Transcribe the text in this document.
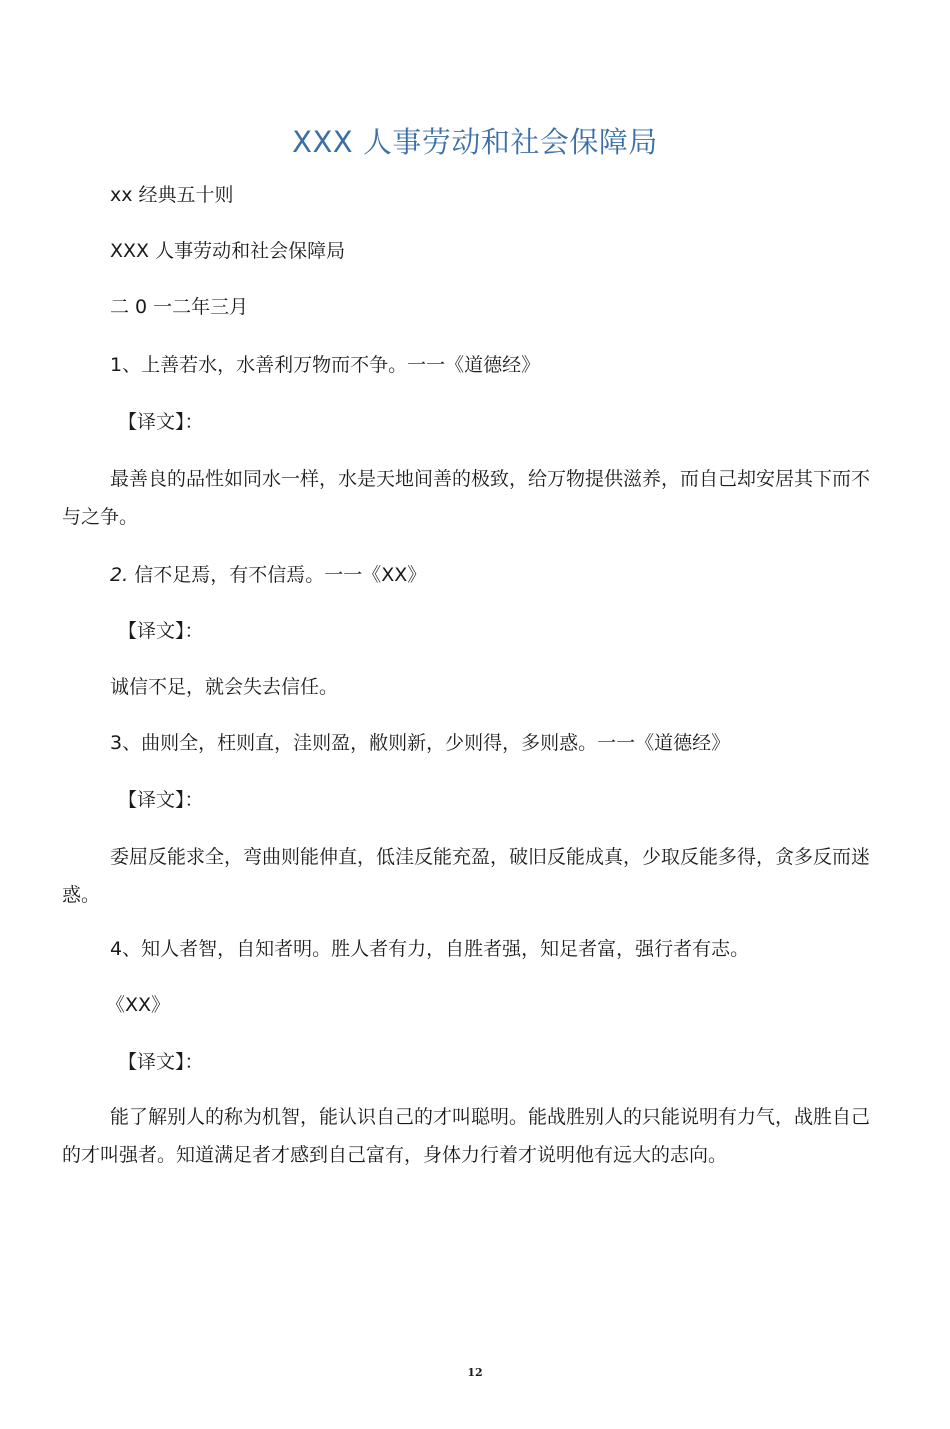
XXX 人事劳动和社会保障局
xx 经典五十则
XXX 人事劳动和社会保障局
二 0 一二年三月
1、上善若水，水善利万物而不争。一一《道德经》
【译文】：
最善良的品性如同水一样，水是天地间善的极致，给万物提供滋养，而自己却安居其下而不与之争。
2. 信不足焉，有不信焉。一一《XX》
【译文】：
诚信不足，就会失去信任。
3、曲则全，枉则直，洼则盈，敝则新，少则得，多则惑。一一《道德经》
【译文】：
委屈反能求全，弯曲则能伸直，低洼反能充盈，破旧反能成真，少取反能多得，贪多反而迷惑。
4、知人者智，自知者明。胜人者有力，自胜者强，知足者富，强行者有志。
《XX》
【译文】：
能了解别人的称为机智，能认识自己的才叫聪明。能战胜别人的只能说明有力气，战胜自己的才叫强者。知道满足者才感到自己富有，身体力行着才说明他有远大的志向。
12
